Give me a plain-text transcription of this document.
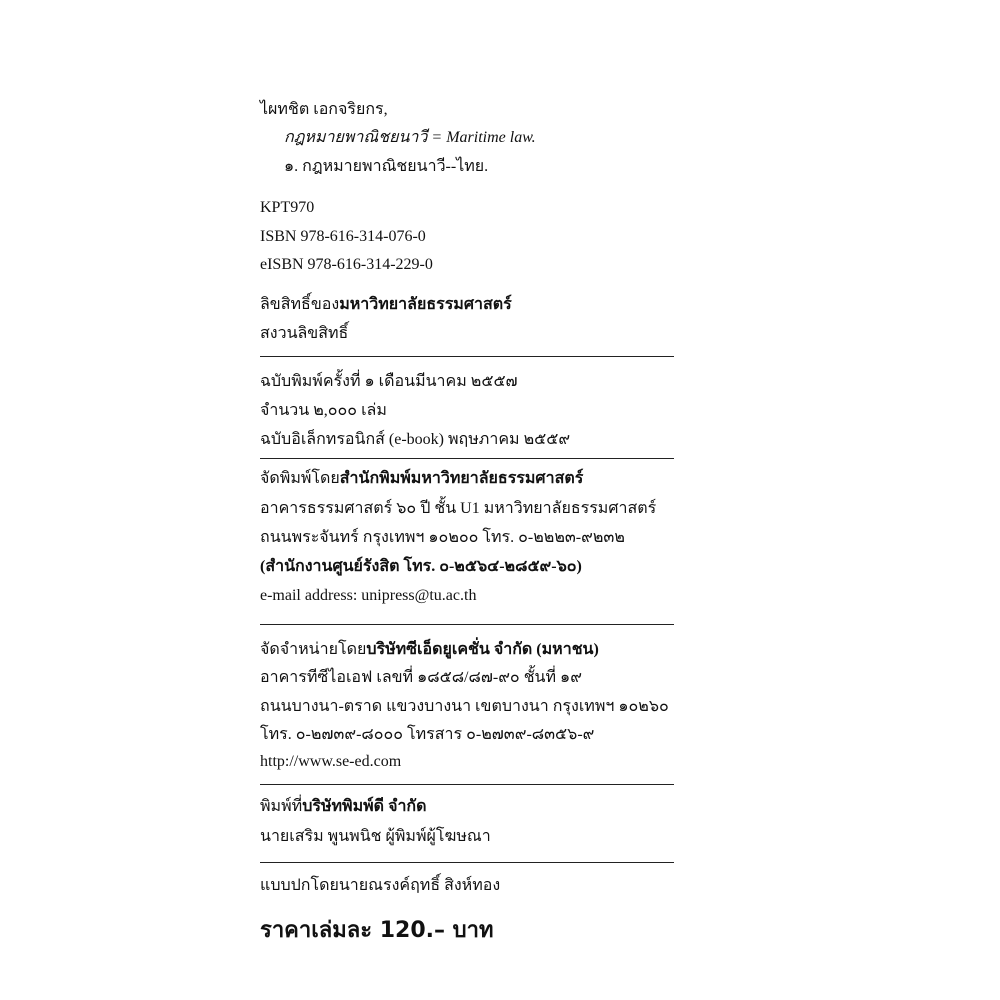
ไผทชิต เอกจริยกร,
กฎหมายพาณิชยนาวี = Maritime law.
๑. กฎหมายพาณิชยนาวี--ไทย.
KPT970
ISBN 978-616-314-076-0
eISBN 978-616-314-229-0
ลิขสิทธิ์ของมหาวิทยาลัยธรรมศาสตร์
สงวนลิขสิทธิ์
ฉบับพิมพ์ครั้งที่ ๑ เดือนมีนาคม ๒๕๕๗
จำนวน ๒,๐๐๐ เล่ม
ฉบับอิเล็กทรอนิกส์ (e-book) พฤษภาคม ๒๕๕๙
จัดพิมพ์โดยสำนักพิมพ์มหาวิทยาลัยธรรมศาสตร์
อาคารธรรมศาสตร์ ๖๐ ปี ชั้น U1 มหาวิทยาลัยธรรมศาสตร์
ถนนพระจันทร์ กรุงเทพฯ ๑๐๒๐๐ โทร. ๐-๒๒๒๓-๙๒๓๒
(สำนักงานศูนย์รังสิต โทร. ๐-๒๕๖๔-๒๘๕๙-๖๐)
e-mail address: unipress@tu.ac.th
จัดจำหน่ายโดยบริษัทซีเอ็ดยูเคชั่น จำกัด (มหาชน)
อาคารทีซีไอเอฟ เลขที่ ๑๘๕๘/๘๗-๙๐ ชั้นที่ ๑๙
ถนนบางนา-ตราด แขวงบางนา เขตบางนา กรุงเทพฯ ๑๐๒๖๐
โทร. ๐-๒๗๓๙-๘๐๐๐ โทรสาร ๐-๒๗๓๙-๘๓๕๖-๙
http://www.se-ed.com
พิมพ์ที่บริษัทพิมพ์ดี จำกัด
นายเสริม พูนพนิช ผู้พิมพ์ผู้โฆษณา
แบบปกโดยนายณรงค์ฤทธิ์ สิงห์ทอง
ราคาเล่มละ 120.– บาท
